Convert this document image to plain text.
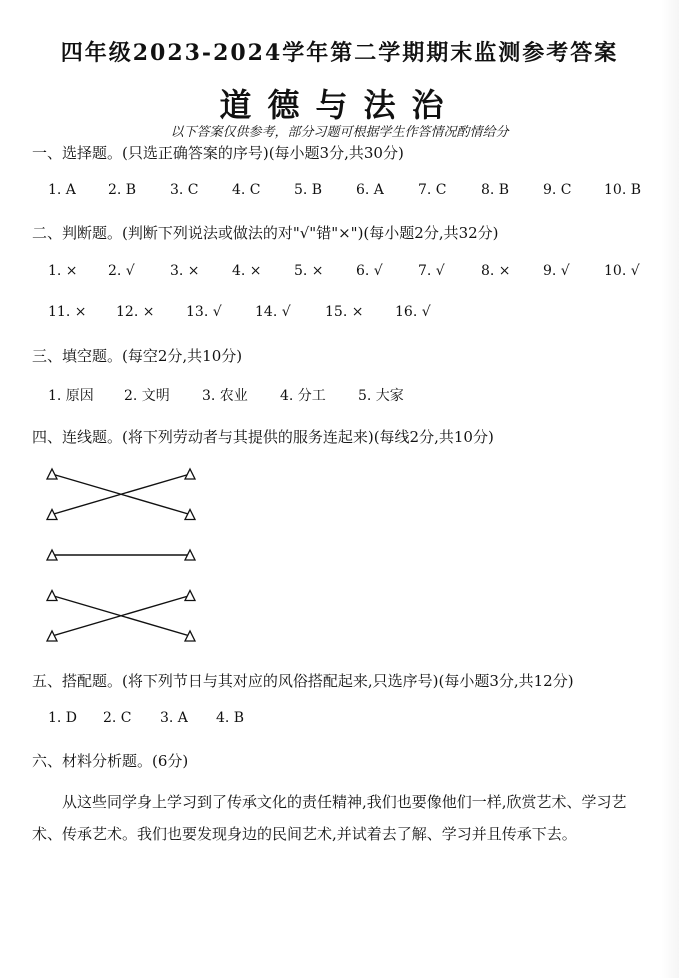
四年级2023-2024学年第二学期期末监测参考答案
道德与法治
以下答案仅供参考，部分习题可根据学生作答情况酌情给分
一、选择题。(只选正确答案的序号)(每小题3分,共30分)
1. A 2. B 3. C 4. C 5. B 6. A 7. C 8. B 9. C 10. B
二、判断题。(判断下列说法或做法的对"√"错"×")(每小题2分,共32分)
1. × 2. √	3. × 4. × 5. × 6. √	7. √	8. × 9. √ 10. √
11. × 12. × 13. √ 14. √ 15. × 16. √
三、填空题。(每空2分,共10分)
1. 原因 2. 文明 3. 农业 4. 分工 5. 大家
四、连线题。(将下列劳动者与其提供的服务连起来)(每线2分,共10分)
五、搭配题。(将下列节日与其对应的风俗搭配起来,只选序号)(每小题3分,共12分)
1. D 2. C 3. A 4. B
六、材料分析题。(6分)
从这些同学身上学习到了传承文化的责任精神,我们也要像他们一样,欣赏艺术、学习艺术、传承艺术。我们也要发现身边的民间艺术,并试着去了解、学习并且传承下去。
